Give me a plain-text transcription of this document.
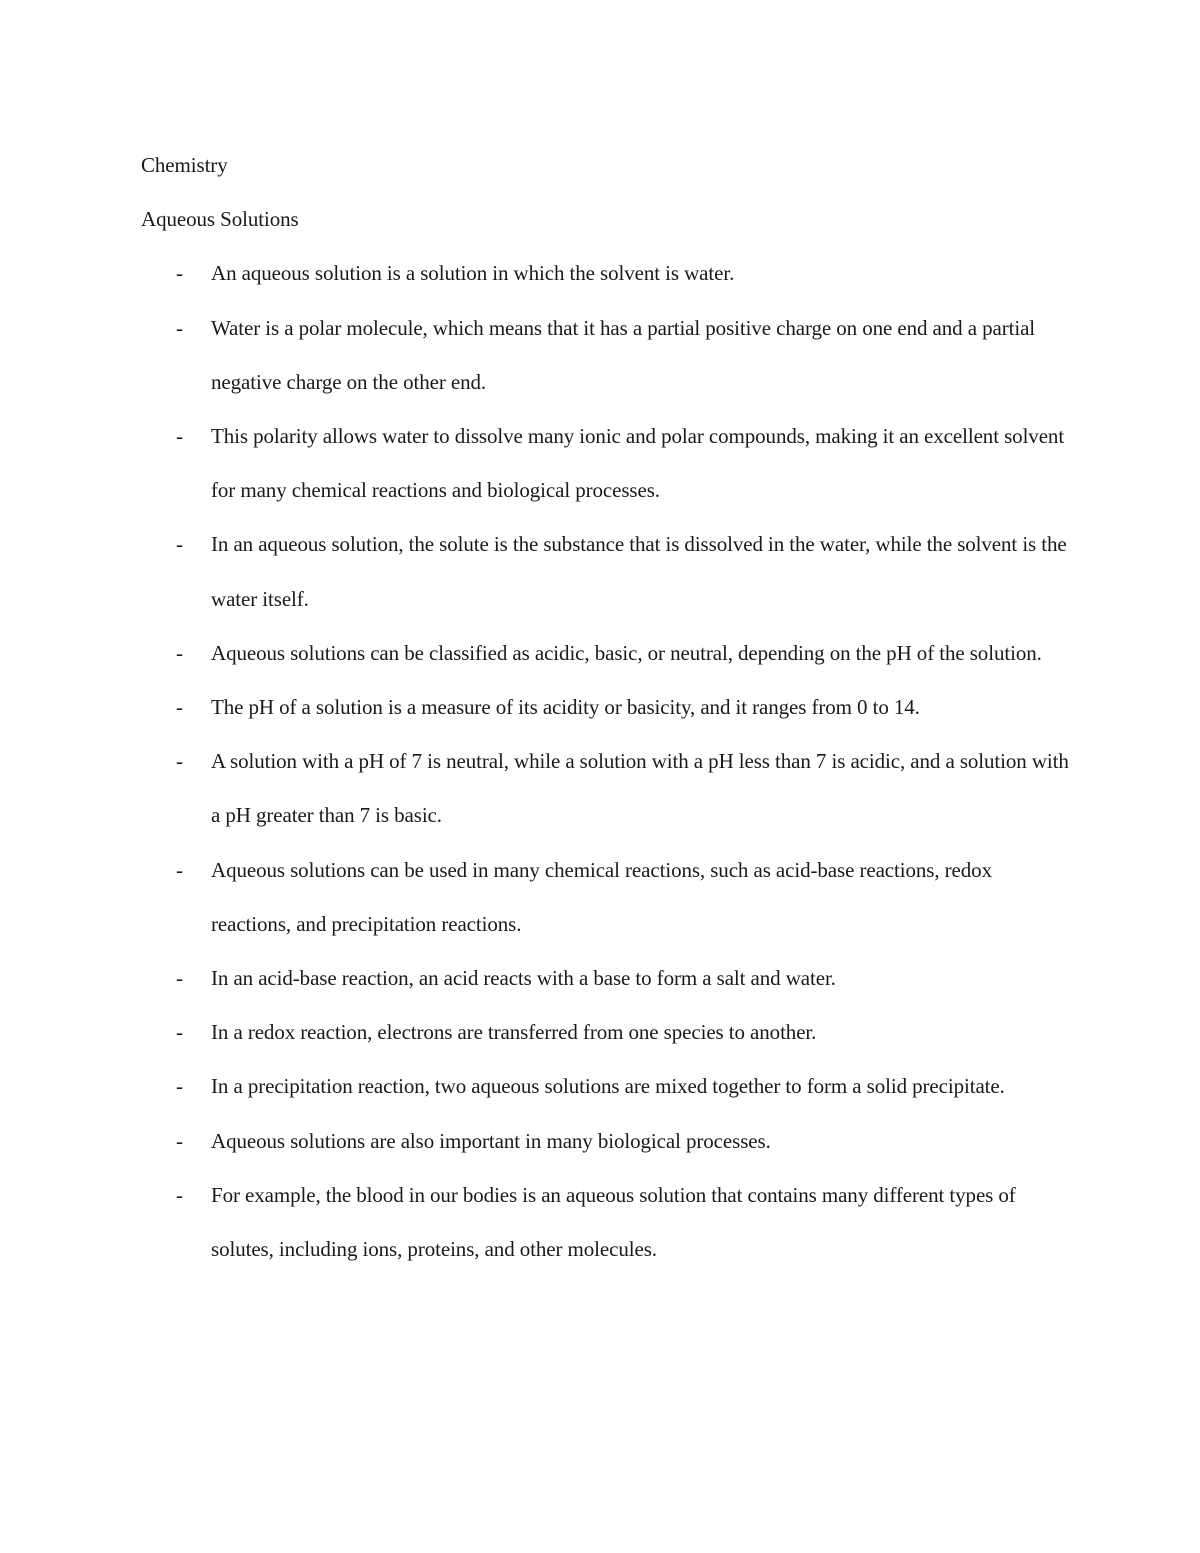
Chemistry

Aqueous Solutions

- An aqueous solution is a solution in which the solvent is water.
- Water is a polar molecule, which means that it has a partial positive charge on one end and a partial negative charge on the other end.
- This polarity allows water to dissolve many ionic and polar compounds, making it an excellent solvent for many chemical reactions and biological processes.
- In an aqueous solution, the solute is the substance that is dissolved in the water, while the solvent is the water itself.
- Aqueous solutions can be classified as acidic, basic, or neutral, depending on the pH of the solution.
- The pH of a solution is a measure of its acidity or basicity, and it ranges from 0 to 14.
- A solution with a pH of 7 is neutral, while a solution with a pH less than 7 is acidic, and a solution with a pH greater than 7 is basic.
- Aqueous solutions can be used in many chemical reactions, such as acid-base reactions, redox reactions, and precipitation reactions.
- In an acid-base reaction, an acid reacts with a base to form a salt and water.
- In a redox reaction, electrons are transferred from one species to another.
- In a precipitation reaction, two aqueous solutions are mixed together to form a solid precipitate.
- Aqueous solutions are also important in many biological processes.
- For example, the blood in our bodies is an aqueous solution that contains many different types of solutes, including ions, proteins, and other molecules.
